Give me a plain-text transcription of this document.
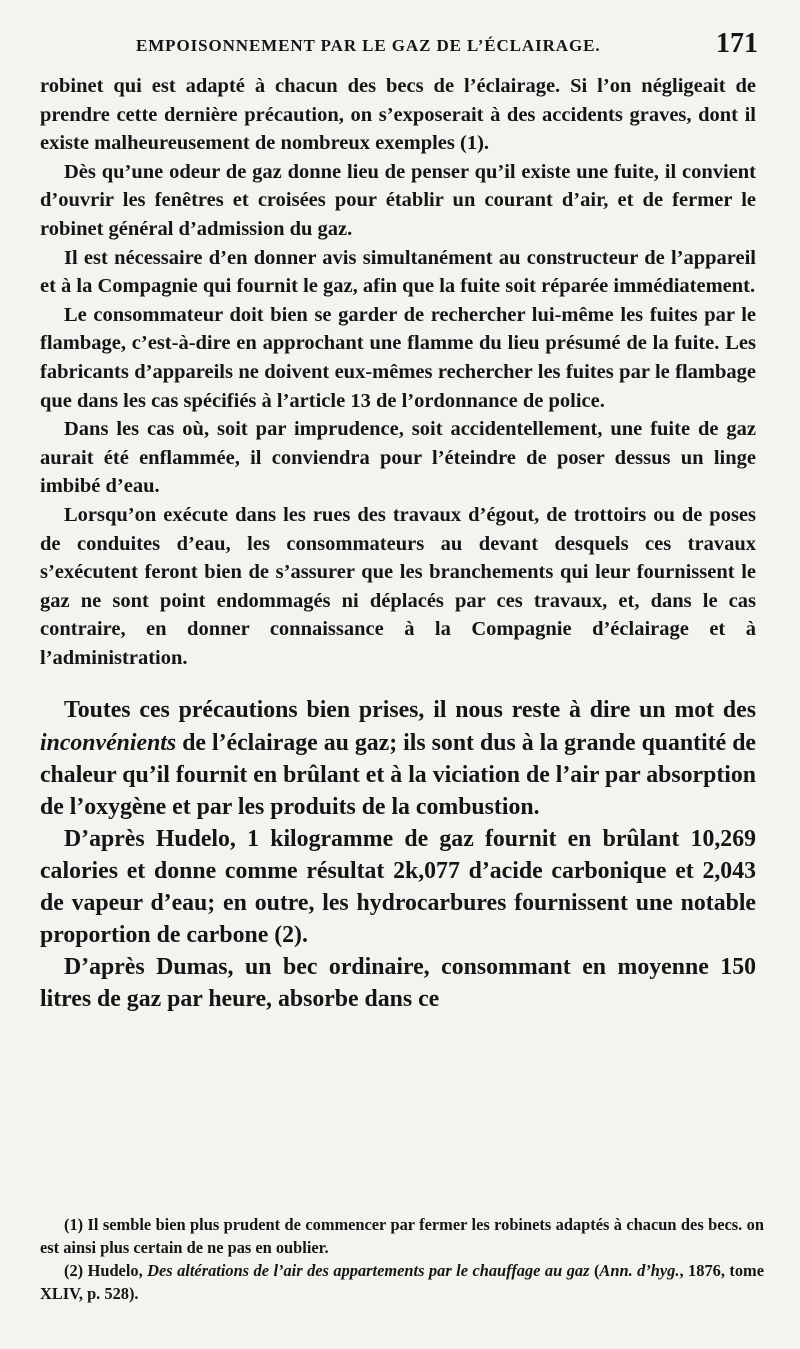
EMPOISONNEMENT PAR LE GAZ DE L’ÉCLAIRAGE.	171

robinet qui est adapté à chacun des becs de l’éclairage. Si l’on négligeait de prendre cette dernière précaution, on s’exposerait à des accidents graves, dont il existe malheureusement de nombreux exemples (1).

Dès qu’une odeur de gaz donne lieu de penser qu’il existe une fuite, il convient d’ouvrir les fenêtres et croisées pour établir un courant d’air, et de fermer le robinet général d’admission du gaz.

Il est nécessaire d’en donner avis simultanément au constructeur de l’appareil et à la Compagnie qui fournit le gaz, afin que la fuite soit réparée immédiatement.

Le consommateur doit bien se garder de rechercher lui-même les fuites par le flambage, c’est-à-dire en approchant une flamme du lieu présumé de la fuite. Les fabricants d’appareils ne doivent eux-mêmes rechercher les fuites par le flambage que dans les cas spécifiés à l’article 13 de l’ordonnance de police.

Dans les cas où, soit par imprudence, soit accidentellement, une fuite de gaz aurait été enflammée, il conviendra pour l’éteindre de poser dessus un linge imbibé d’eau.

Lorsqu’on exécute dans les rues des travaux d’égout, de trottoirs ou de poses de conduites d’eau, les consommateurs au devant desquels ces travaux s’exécutent feront bien de s’assurer que les branchements qui leur fournissent le gaz ne sont point endommagés ni déplacés par ces travaux, et, dans le cas contraire, en donner connaissance à la Compagnie d’éclairage et à l’administration.

Toutes ces précautions bien prises, il nous reste à dire un mot des inconvénients de l’éclairage au gaz; ils sont dus à la grande quantité de chaleur qu’il fournit en brûlant et à la viciation de l’air par absorption de l’oxygène et par les produits de la combustion.

D’après Hudelo, 1 kilogramme de gaz fournit en brûlant 10,269 calories et donne comme résultat 2k,077 d’acide carbonique et 2,043 de vapeur d’eau; en outre, les hydrocarbures fournissent une notable proportion de carbone (2).

D’après Dumas, un bec ordinaire, consommant en moyenne 150 litres de gaz par heure, absorbe dans ce

(1) Il semble bien plus prudent de commencer par fermer les robinets adaptés à chacun des becs. on est ainsi plus certain de ne pas en oublier.

(2) Hudelo, Des altérations de l’air des appartements par le chauffage au gaz (Ann. d’hyg., 1876, tome XLIV, p. 528).
